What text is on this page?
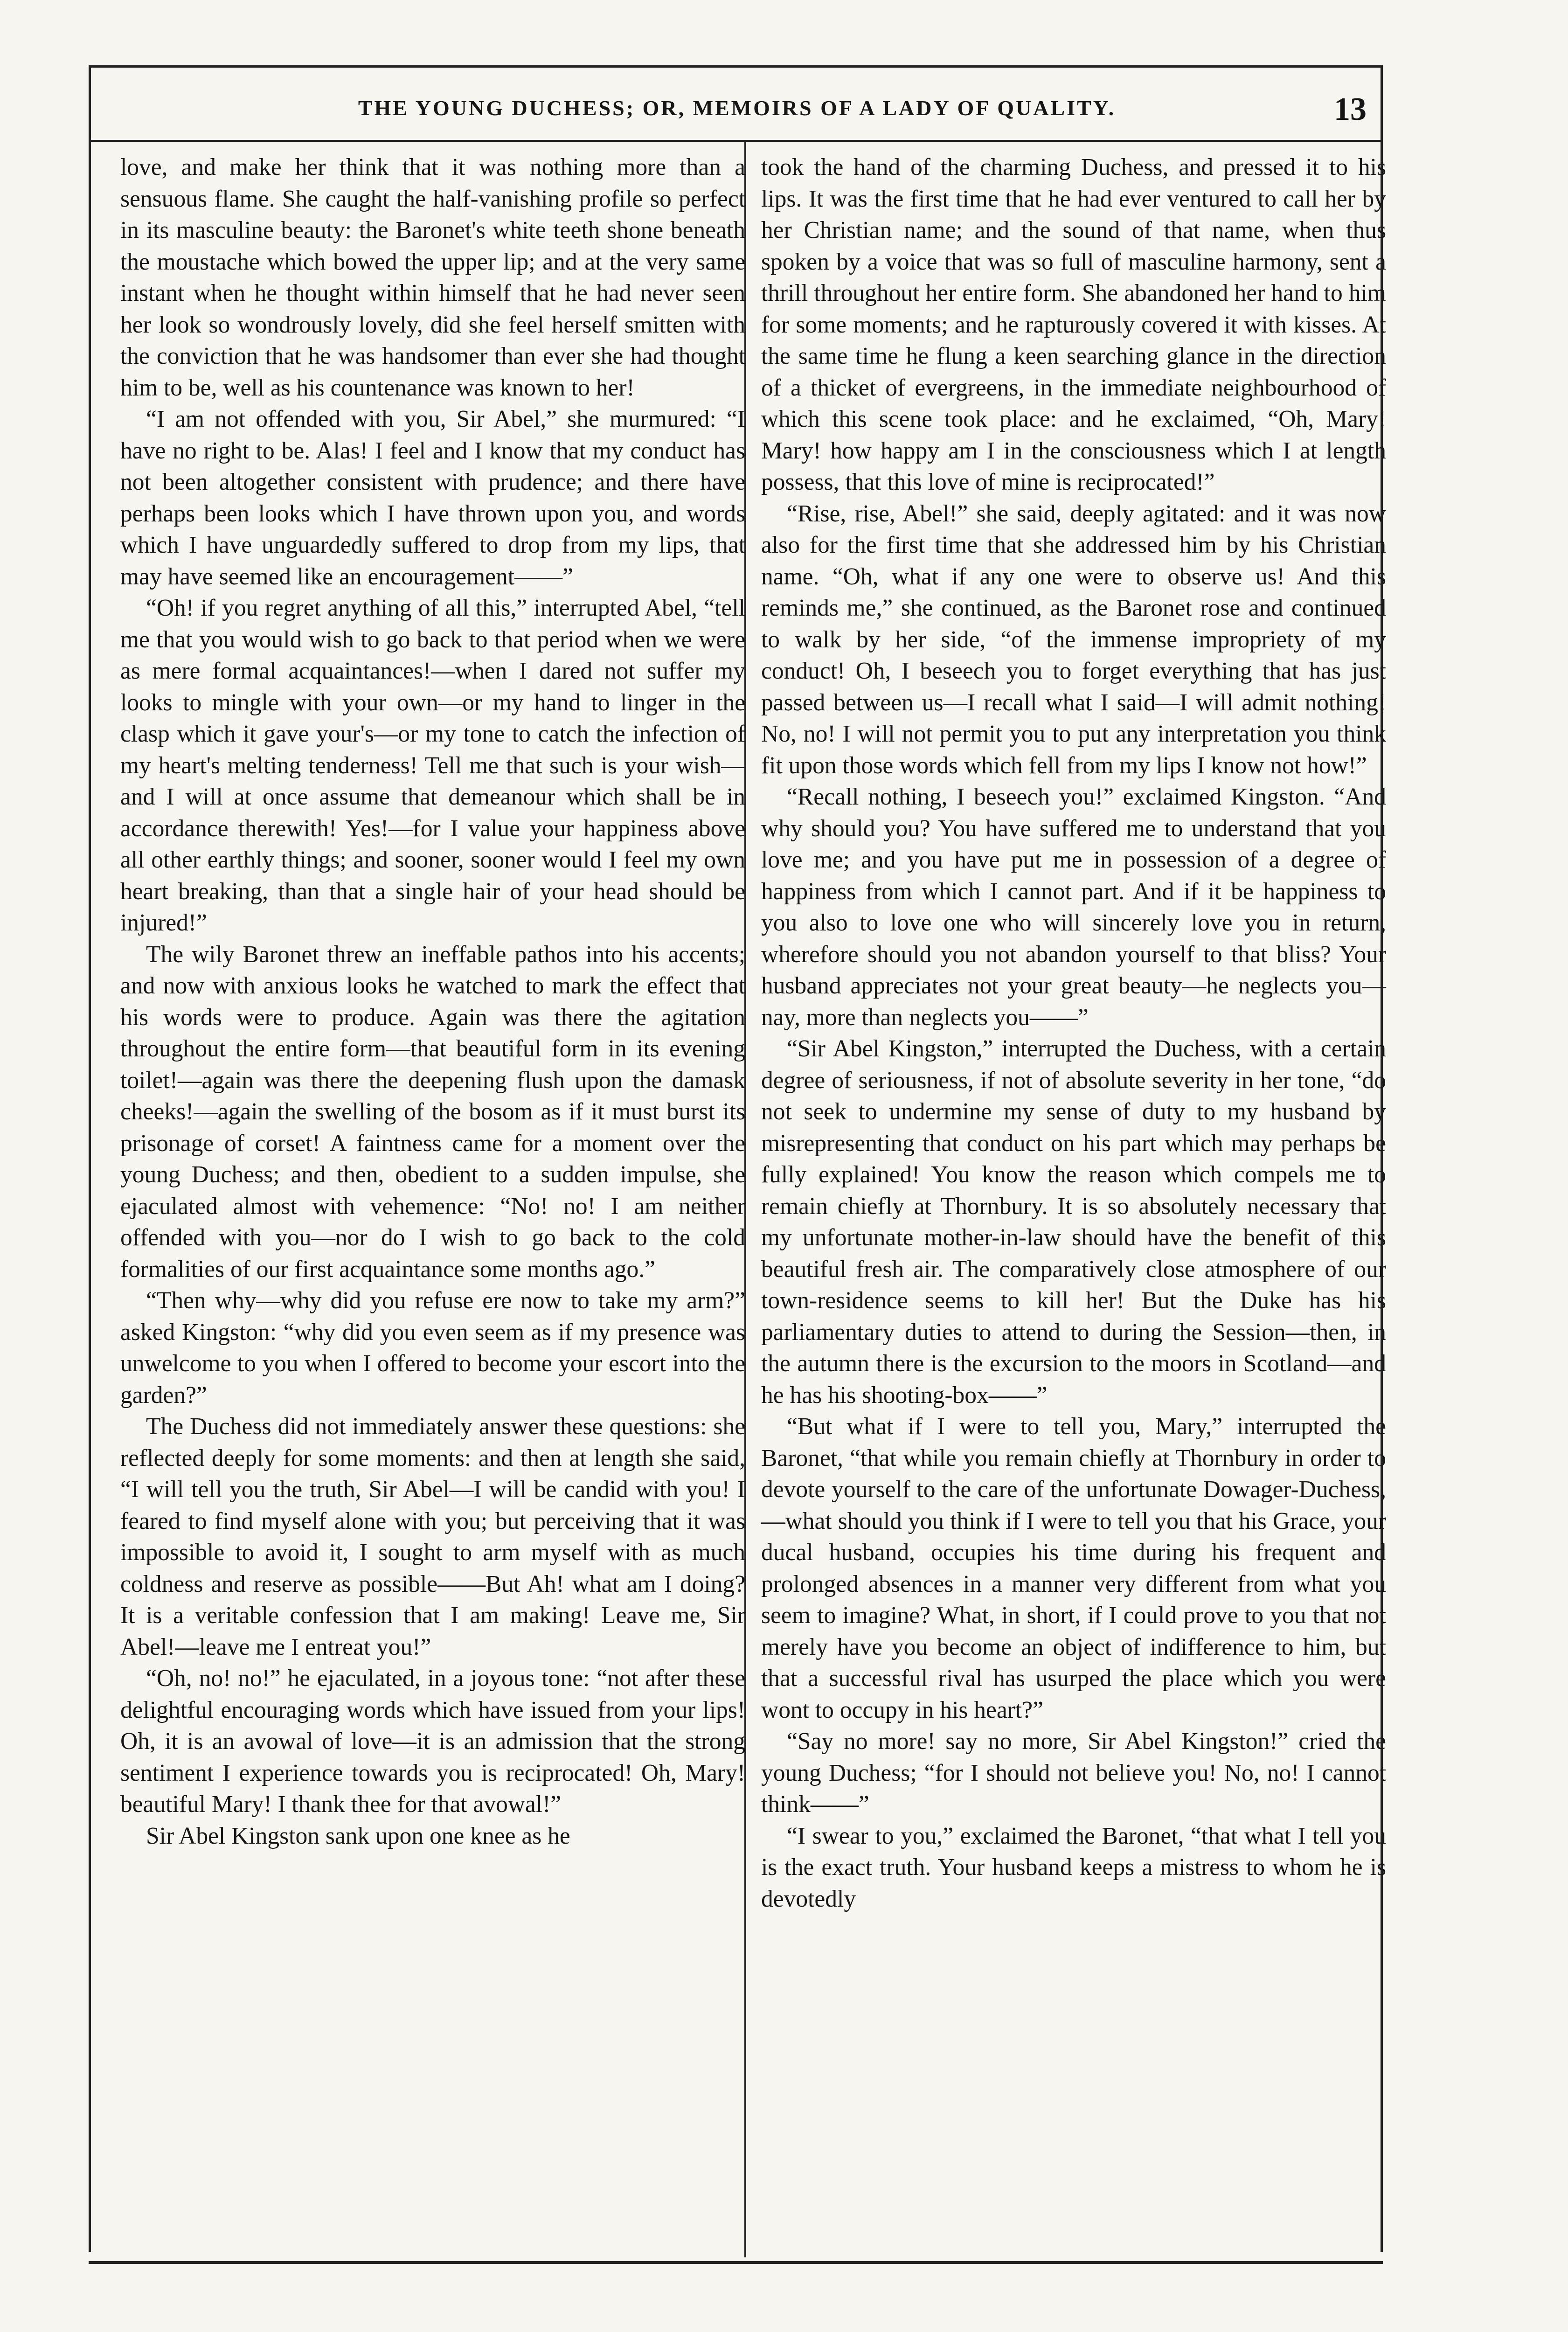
THE YOUNG DUCHESS; OR, MEMOIRS OF A LADY OF QUALITY.	13

love, and make her think that it was nothing more than a sensuous flame. She caught the half-vanishing profile so perfect in its masculine beauty: the Baronet's white teeth shone beneath the moustache which bowed the upper lip; and at the very same instant when he thought within himself that he had never seen her look so wondrously lovely, did she feel herself smitten with the conviction that he was handsomer than ever she had thought him to be, well as his countenance was known to her!

“I am not offended with you, Sir Abel,” she murmured: “I have no right to be. Alas! I feel and I know that my conduct has not been altogether consistent with prudence; and there have perhaps been looks which I have thrown upon you, and words which I have unguardedly suffered to drop from my lips, that may have seemed like an encouragement——”

“Oh! if you regret anything of all this,” interrupted Abel, “tell me that you would wish to go back to that period when we were as mere formal acquaintances!—when I dared not suffer my looks to mingle with your own—or my hand to linger in the clasp which it gave your's—or my tone to catch the infection of my heart's melting tenderness! Tell me that such is your wish—and I will at once assume that demeanour which shall be in accordance therewith! Yes!—for I value your happiness above all other earthly things; and sooner, sooner would I feel my own heart breaking, than that a single hair of your head should be injured!”

The wily Baronet threw an ineffable pathos into his accents; and now with anxious looks he watched to mark the effect that his words were to produce. Again was there the agitation throughout the entire form—that beautiful form in its evening toilet!—again was there the deepening flush upon the damask cheeks!—again the swelling of the bosom as if it must burst its prisonage of corset! A faintness came for a moment over the young Duchess; and then, obedient to a sudden impulse, she ejaculated almost with vehemence: “No! no! I am neither offended with you—nor do I wish to go back to the cold formalities of our first acquaintance some months ago.”

“Then why—why did you refuse ere now to take my arm?” asked Kingston: “why did you even seem as if my presence was unwelcome to you when I offered to become your escort into the garden?”

The Duchess did not immediately answer these questions: she reflected deeply for some moments: and then at length she said, “I will tell you the truth, Sir Abel—I will be candid with you! I feared to find myself alone with you; but perceiving that it was impossible to avoid it, I sought to arm myself with as much coldness and reserve as possible——But Ah! what am I doing? It is a veritable confession that I am making! Leave me, Sir Abel!—leave me I entreat you!”

“Oh, no! no!” he ejaculated, in a joyous tone: “not after these delightful encouraging words which have issued from your lips! Oh, it is an avowal of love—it is an admission that the strong sentiment I experience towards you is reciprocated! Oh, Mary! beautiful Mary! I thank thee for that avowal!”

Sir Abel Kingston sank upon one knee as he

took the hand of the charming Duchess, and pressed it to his lips. It was the first time that he had ever ventured to call her by her Christian name; and the sound of that name, when thus spoken by a voice that was so full of masculine harmony, sent a thrill throughout her entire form. She abandoned her hand to him for some moments; and he rapturously covered it with kisses. At the same time he flung a keen searching glance in the direction of a thicket of evergreens, in the immediate neighbourhood of which this scene took place: and he exclaimed, “Oh, Mary! Mary! how happy am I in the consciousness which I at length possess, that this love of mine is reciprocated!”

“Rise, rise, Abel!” she said, deeply agitated: and it was now also for the first time that she addressed him by his Christian name. “Oh, what if any one were to observe us! And this reminds me,” she continued, as the Baronet rose and continued to walk by her side, “of the immense impropriety of my conduct! Oh, I beseech you to forget everything that has just passed between us—I recall what I said—I will admit nothing! No, no! I will not permit you to put any interpretation you think fit upon those words which fell from my lips I know not how!”

“Recall nothing, I beseech you!” exclaimed Kingston. “And why should you? You have suffered me to understand that you love me; and you have put me in possession of a degree of happiness from which I cannot part. And if it be happiness to you also to love one who will sincerely love you in return, wherefore should you not abandon yourself to that bliss? Your husband appreciates not your great beauty—he neglects you—nay, more than neglects you——”

“Sir Abel Kingston,” interrupted the Duchess, with a certain degree of seriousness, if not of absolute severity in her tone, “do not seek to undermine my sense of duty to my husband by misrepresenting that conduct on his part which may perhaps be fully explained! You know the reason which compels me to remain chiefly at Thornbury. It is so absolutely necessary that my unfortunate mother-in-law should have the benefit of this beautiful fresh air. The comparatively close atmosphere of our town-residence seems to kill her! But the Duke has his parliamentary duties to attend to during the Session—then, in the autumn there is the excursion to the moors in Scotland—and he has his shooting-box——”

“But what if I were to tell you, Mary,” interrupted the Baronet, “that while you remain chiefly at Thornbury in order to devote yourself to the care of the unfortunate Dowager-Duchess,—what should you think if I were to tell you that his Grace, your ducal husband, occupies his time during his frequent and prolonged absences in a manner very different from what you seem to imagine? What, in short, if I could prove to you that not merely have you become an object of indifference to him, but that a successful rival has usurped the place which you were wont to occupy in his heart?”

“Say no more! say no more, Sir Abel Kingston!” cried the young Duchess; “for I should not believe you! No, no! I cannot think——”

“I swear to you,” exclaimed the Baronet, “that what I tell you is the exact truth. Your husband keeps a mistress to whom he is devotedly
